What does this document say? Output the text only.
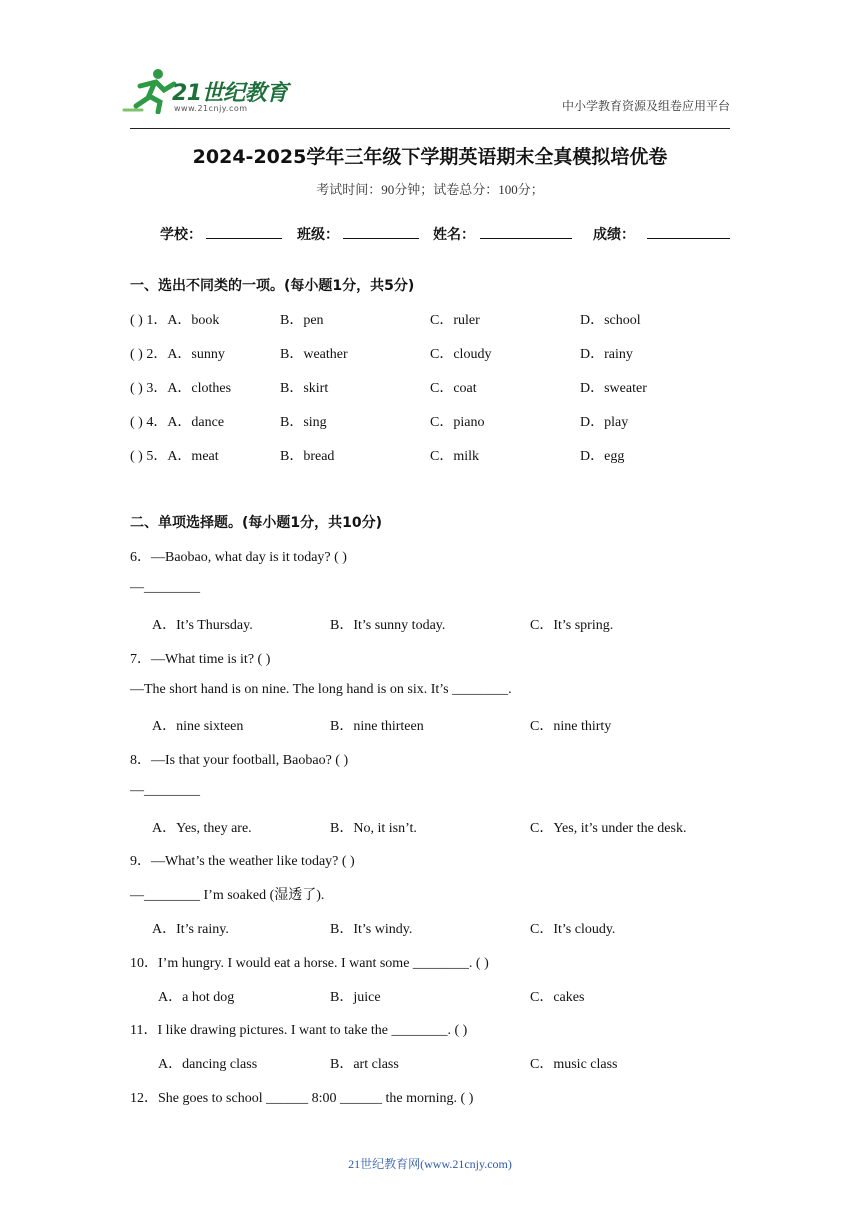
21世纪教育
www.21cnjy.com	中小学教育资源及组卷应用平台
2024-2025学年三年级下学期英语期末全真模拟培优卷
考试时间：90分钟；试卷总分：100分；
学校：	班级：	姓名：	成绩：
一、选出不同类的一项。(每小题1分，共5分)
( ) 1．A．book	B．pen	C．ruler	D．school
( ) 2．A．sunny	B．weather	C．cloudy	D．rainy
( ) 3．A．clothes	B．skirt	C．coat	D．sweater
( ) 4．A．dance	B．sing	C．piano	D．play
( ) 5．A．meat	B．bread	C．milk	D．egg
二、单项选择题。(每小题1分，共10分)
6．—Baobao, what day is it today? ( )
—________
A．It’s Thursday.	B．It’s sunny today.	C．It’s spring.
7．—What time is it? ( )
—The short hand is on nine. The long hand is on six. It’s ________.
A．nine sixteen	B．nine thirteen	C．nine thirty
8．—Is that your football, Baobao? ( )
—________
A．Yes, they are.	B．No, it isn’t.	C．Yes, it’s under the desk.
9．—What’s the weather like today? ( )
—________ I’m soaked (湿透了).
A．It’s rainy.	B．It’s windy.	C．It’s cloudy.
10．I’m hungry. I would eat a horse. I want some ________. ( )
A．a hot dog	B．juice	C．cakes
11．I like drawing pictures. I want to take the ________. ( )
A．dancing class	B．art class	C．music class
12．She goes to school ______ 8:00 ______ the morning. ( )
21世纪教育网(www.21cnjy.com)
